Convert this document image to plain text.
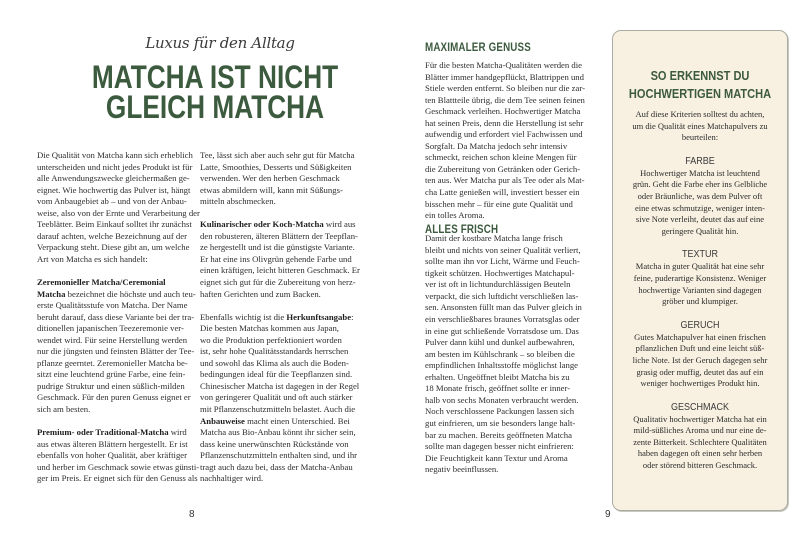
Luxus für den Alltag
MATCHA IST NICHT
GLEICH MATCHA
Die Qualität von Matcha kann sich erheblich
unterscheiden und nicht jedes Produkt ist für
alle Anwendungszwecke gleichermaßen ge-
eignet. Wie hochwertig das Pulver ist, hängt
vom Anbaugebiet ab – und von der Anbau-
weise, also von der Ernte und Verarbeitung der
Teeblätter. Beim Einkauf solltet ihr zunächst
darauf achten, welche Bezeichnung auf der
Verpackung steht. Diese gibt an, um welche
Art von Matcha es sich handelt:
Zeremonieller Matcha/Ceremonial
Matcha bezeichnet die höchste und auch teu-
erste Qualitätsstufe von Matcha. Der Name
beruht darauf, dass diese Variante bei der tra-
ditionellen japanischen Teezeremonie ver-
wendet wird. Für seine Herstellung werden
nur die jüngsten und feinsten Blätter der Tee-
pflanze geerntet. Zeremonieller Matcha be-
sitzt eine leuchtend grüne Farbe, eine fein-
pudrige Struktur und einen süßlich-milden
Geschmack. Für den puren Genuss eignet er
sich am besten.
Premium- oder Traditional-Matcha wird
aus etwas älteren Blättern hergestellt. Er ist
ebenfalls von hoher Qualität, aber kräftiger
und herber im Geschmack sowie etwas günsti-
ger im Preis. Er eignet sich für den Genuss als
Tee, lässt sich aber auch sehr gut für Matcha
Latte, Smoothies, Desserts und Süßigkeiten
verwenden. Wer den herben Geschmack
etwas abmildern will, kann mit Süßungs-
mitteln abschmecken.
Kulinarischer oder Koch-Matcha wird aus
den robusteren, älteren Blättern der Teepflan-
ze hergestellt und ist die günstigste Variante.
Er hat eine ins Olivgrün gehende Farbe und
einen kräftigen, leicht bitteren Geschmack. Er
eignet sich gut für die Zubereitung von herz-
haften Gerichten und zum Backen.
Ebenfalls wichtig ist die Herkunftsangabe:
Die besten Matchas kommen aus Japan,
wo die Produktion perfektioniert worden
ist, sehr hohe Qualitätsstandards herrschen
und sowohl das Klima als auch die Boden-
bedingungen ideal für die Teepflanzen sind.
Chinesischer Matcha ist dagegen in der Regel
von geringerer Qualität und oft auch stärker
mit Pflanzenschutzmitteln belastet. Auch die
Anbauweise macht einen Unterschied. Bei
Matcha aus Bio-Anbau könnt ihr sicher sein,
dass keine unerwünschten Rückstände von
Pflanzenschutzmitteln enthalten sind, und ihr
tragt auch dazu bei, dass der Matcha-Anbau
nachhaltiger wird.
8
MAXIMALER GENUSS
ALLES FRISCH
Für die besten Matcha-Qualitäten werden die
Blätter immer handgepflückt, Blattrippen und
Stiele werden entfernt. So bleiben nur die zar-
ten Blattteile übrig, die dem Tee seinen feinen
Geschmack verleihen. Hochwertiger Matcha
hat seinen Preis, denn die Herstellung ist sehr
aufwendig und erfordert viel Fachwissen und
Sorgfalt. Da Matcha jedoch sehr intensiv
schmeckt, reichen schon kleine Mengen für
die Zubereitung von Getränken oder Gerich-
ten aus. Wer Matcha pur als Tee oder als Mat-
cha Latte genießen will, investiert besser ein
bisschen mehr – für eine gute Qualität und
ein tolles Aroma.
Damit der kostbare Matcha lange frisch
bleibt und nichts von seiner Qualität verliert,
sollte man ihn vor Licht, Wärme und Feuch-
tigkeit schützen. Hochwertiges Matchapul-
ver ist oft in lichtundurchlässigen Beuteln
verpackt, die sich luftdicht verschließen las-
sen. Ansonsten füllt man das Pulver gleich in
ein verschließbares braunes Vorratsglas oder
in eine gut schließende Vorratsdose um. Das
Pulver dann kühl und dunkel aufbewahren,
am besten im Kühlschrank – so bleiben die
empfindlichen Inhaltsstoffe möglichst lange
erhalten. Ungeöffnet bleibt Matcha bis zu
18 Monate frisch, geöffnet sollte er inner-
halb von sechs Monaten verbraucht werden.
Noch verschlossene Packungen lassen sich
gut einfrieren, um sie besonders lange halt-
bar zu machen. Bereits geöffneten Matcha
sollte man dagegen besser nicht einfrieren:
Die Feuchtigkeit kann Textur und Aroma
negativ beeinflussen.
SO ERKENNST DU
HOCHWERTIGEN MATCHA
Auf diese Kriterien solltest du achten,
um die Qualität eines Matchapulvers zu
beurteilen:
FARBE
Hochwertiger Matcha ist leuchtend
grün. Geht die Farbe eher ins Gelbliche
oder Bräunliche, was dem Pulver oft
eine etwas schmutzige, weniger inten-
sive Note verleiht, deutet das auf eine
geringere Qualität hin.
TEXTUR
Matcha in guter Qualität hat eine sehr
feine, puderartige Konsistenz. Weniger
hochwertige Varianten sind dagegen
gröber und klumpiger.
GERUCH
Gutes Matchapulver hat einen frischen
pflanzlichen Duft und eine leicht süß-
liche Note. Ist der Geruch dagegen sehr
grasig oder muffig, deutet das auf ein
weniger hochwertiges Produkt hin.
GESCHMACK
Qualitativ hochwertiger Matcha hat ein
mild-süßliches Aroma und nur eine de-
zente Bitterkeit. Schlechtere Qualitäten
haben dagegen oft einen sehr herben
oder störend bitteren Geschmack.
9
